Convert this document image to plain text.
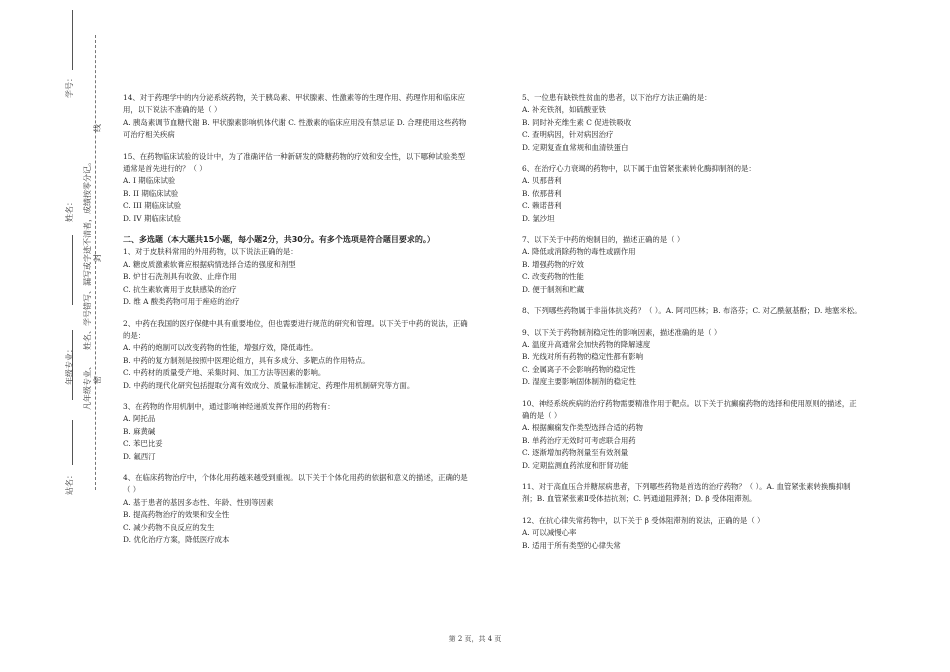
学号：
姓名：
年级专业：
站名：
姓名、学号错写、漏写或字迹不清者，成绩按零分记。
凡年级专业、
线
封
密
14、对于药理学中的内分泌系统药物，关于胰岛素、甲状腺素、性激素等的生理作用、药理作用和临床应用，以下说法不准确的是（ ）
A. 胰岛素调节血糖代谢 B. 甲状腺素影响机体代谢 C. 性激素的临床应用没有禁忌证 D. 合理使用这些药物可治疗相关疾病
15、在药物临床试验的设计中，为了准确评估一种新研发的降糖药物的疗效和安全性，以下哪种试验类型通常是首先进行的？（ ）
A. I 期临床试验
B. II 期临床试验
C. III 期临床试验
D. IV 期临床试验
二、多选题（本大题共15小题，每小题2分，共30分。有多个选项是符合题目要求的。）
1、对于皮肤科常用的外用药物，以下说法正确的是：
A. 糖皮质激素软膏应根据病情选择合适的强度和剂型
B. 炉甘石洗剂具有收敛、止痒作用
C. 抗生素软膏用于皮肤感染的治疗
D. 维 A 酸类药物可用于痤疮的治疗
2、中药在我国的医疗保健中具有重要地位，但也需要进行规范的研究和管理。以下关于中药的说法，正确的是：
A. 中药的炮制可以改变药物的性能，增强疗效，降低毒性。
B. 中药的复方制剂是按照中医理论组方，具有多成分、多靶点的作用特点。
C. 中药材的质量受产地、采集时间、加工方法等因素的影响。
D. 中药的现代化研究包括提取分离有效成分、质量标准制定、药理作用机制研究等方面。
3、在药物的作用机制中，通过影响神经递质发挥作用的药物有：
A. 阿托品
B. 麻黄碱
C. 苯巴比妥
D. 氟西汀
4、在临床药物治疗中，个体化用药越来越受到重视。以下关于个体化用药的依据和意义的描述，正确的是（ ）
A. 基于患者的基因多态性、年龄、性别等因素
B. 提高药物治疗的效果和安全性
C. 减少药物不良反应的发生
D. 优化治疗方案，降低医疗成本
5、一位患有缺铁性贫血的患者，以下治疗方法正确的是：
A. 补充铁剂，如硫酸亚铁
B. 同时补充维生素 C 促进铁吸收
C. 查明病因，针对病因治疗
D. 定期复查血常规和血清铁蛋白
6、在治疗心力衰竭的药物中，以下属于血管紧张素转化酶抑制剂的是：
A. 贝那普利
B. 依那普利
C. 赖诺普利
D. 氯沙坦
7、以下关于中药的炮制目的，描述正确的是（ ）
A. 降低或消除药物的毒性或副作用
B. 增强药物的疗效
C. 改变药物的性能
D. 便于制剂和贮藏
8、下列哪些药物属于非甾体抗炎药？（ ）。A. 阿司匹林；B. 布洛芬；C. 对乙酰氨基酚；D. 地塞米松。
9、以下关于药物制剂稳定性的影响因素，描述准确的是（ ）
A. 温度升高通常会加快药物的降解速度
B. 光线对所有药物的稳定性都有影响
C. 金属离子不会影响药物的稳定性
D. 湿度主要影响固体制剂的稳定性
10、神经系统疾病的治疗药物需要精准作用于靶点。以下关于抗癫痫药物的选择和使用原则的描述，正确的是（ ）
A. 根据癫痫发作类型选择合适的药物
B. 单药治疗无效时可考虑联合用药
C. 逐渐增加药物剂量至有效剂量
D. 定期监测血药浓度和肝肾功能
11、对于高血压合并糖尿病患者，下列哪些药物是首选的治疗药物？（ ）。A. 血管紧张素转换酶抑制剂；B. 血管紧张素Ⅱ受体拮抗剂；C. 钙通道阻滞剂；D. β 受体阻滞剂。
12、在抗心律失常药物中，以下关于 β 受体阻滞剂的说法，正确的是（ ）
A. 可以减慢心率
B. 适用于所有类型的心律失常
第 2 页，共 4 页
